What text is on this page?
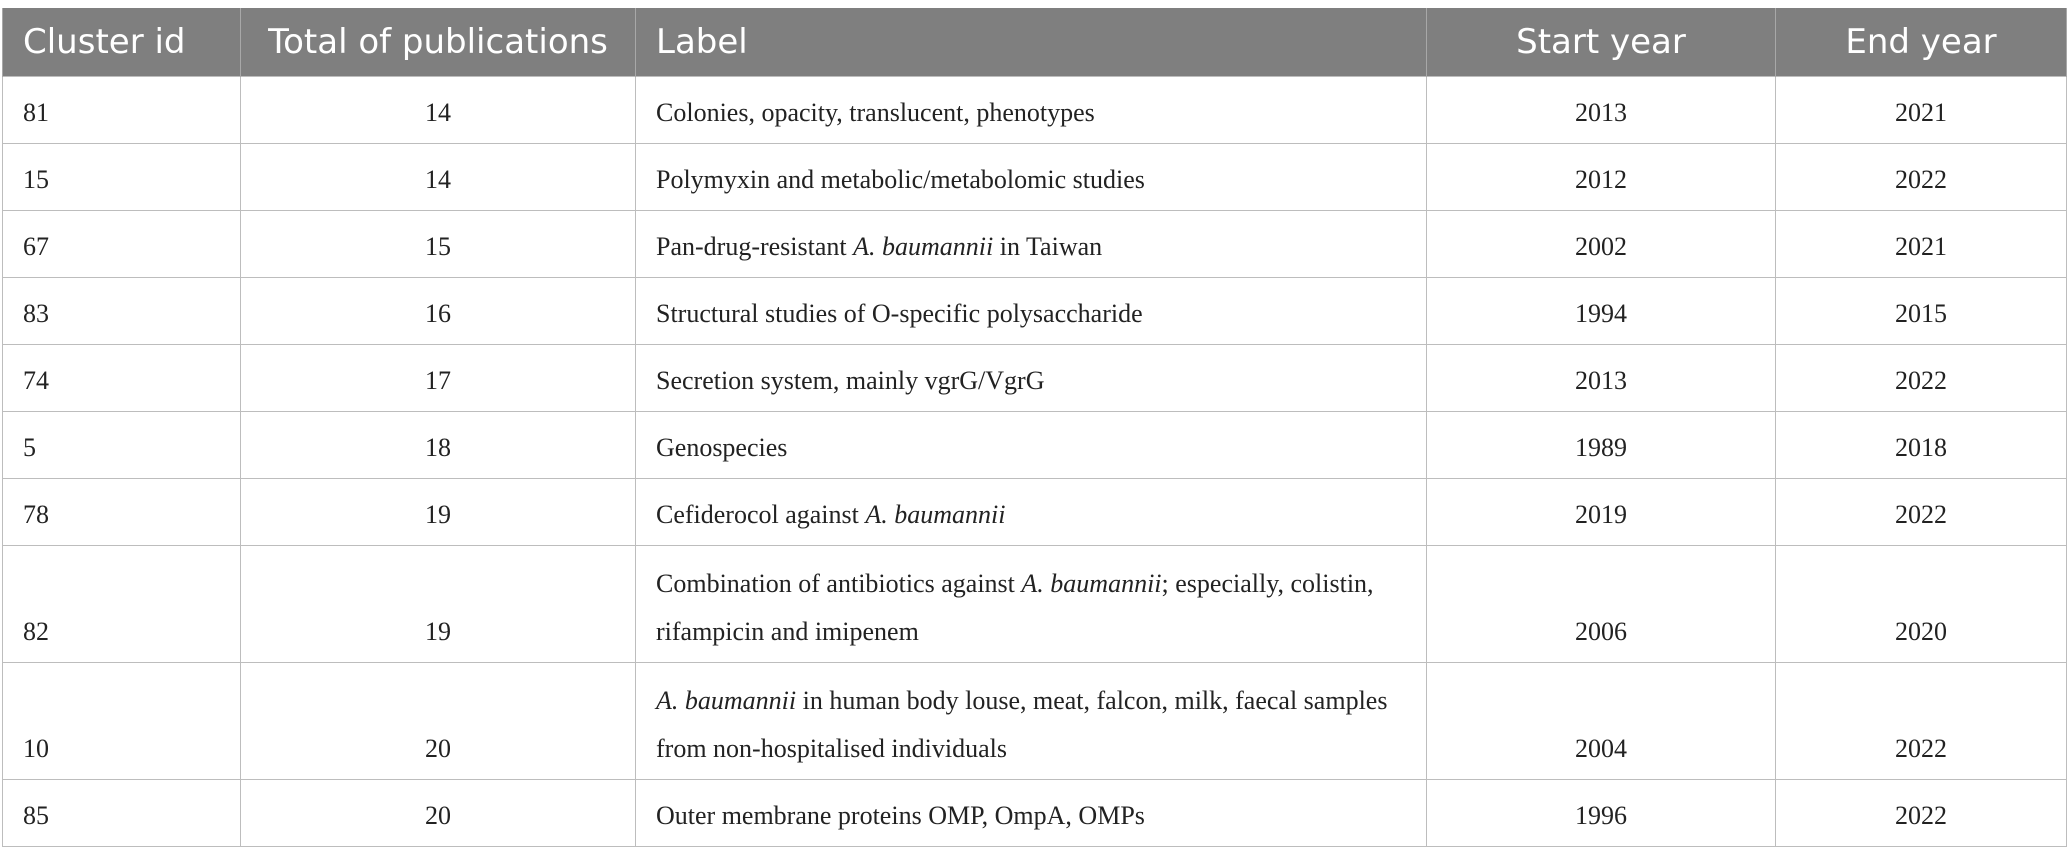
Cluster id	Total of publications	Label	Start year	End year
81	14	Colonies, opacity, translucent, phenotypes	2013	2021
15	14	Polymyxin and metabolic/metabolomic studies	2012	2022
67	15	Pan-drug-resistant A. baumannii in Taiwan	2002	2021
83	16	Structural studies of O-specific polysaccharide	1994	2015
74	17	Secretion system, mainly vgrG/VgrG	2013	2022
5	18	Genospecies	1989	2018
78	19	Cefiderocol against A. baumannii	2019	2022
82	19	Combination of antibiotics against A. baumannii; especially, colistin, rifampicin and imipenem	2006	2020
10	20	A. baumannii in human body louse, meat, falcon, milk, faecal samples from non-hospitalised individuals	2004	2022
85	20	Outer membrane proteins OMP, OmpA, OMPs	1996	2022
